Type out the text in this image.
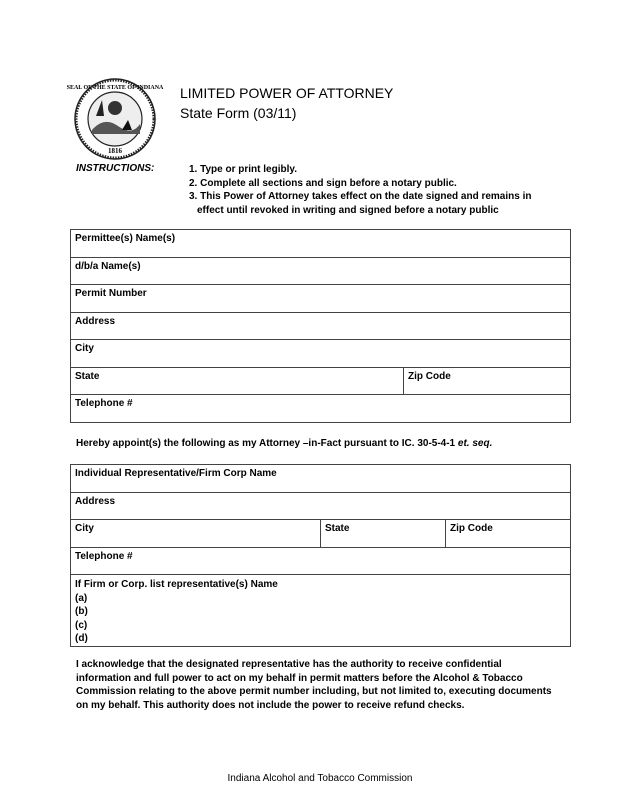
SEAL OF THE STATE OF INDIANA
1816
LIMITED POWER OF ATTORNEY
State Form (03/11)
INSTRUCTIONS:	1. Type or print legibly.
2. Complete all sections and sign before a notary public.
3. This Power of Attorney takes effect on the date signed and remains in
effect until revoked in writing and signed before a notary public
Permittee(s) Name(s)
d/b/a Name(s)
Permit Number
Address
City
State	Zip Code
Telephone #
Hereby appoint(s) the following as my Attorney –in-Fact pursuant to IC. 30-5-4-1 et. seq.
Individual Representative/Firm Corp Name
Address
City	State	Zip Code
Telephone #

If Firm or Corp. list representative(s) Name
(a)
(b)
(c)
(d)
I acknowledge that the designated representative has the authority to receive confidential
information and full power to act on my behalf in permit matters before the Alcohol & Tobacco
Commission relating to the above permit number including, but not limited to, executing documents
on my behalf. This authority does not include the power to receive refund checks.
Indiana Alcohol and Tobacco Commission
